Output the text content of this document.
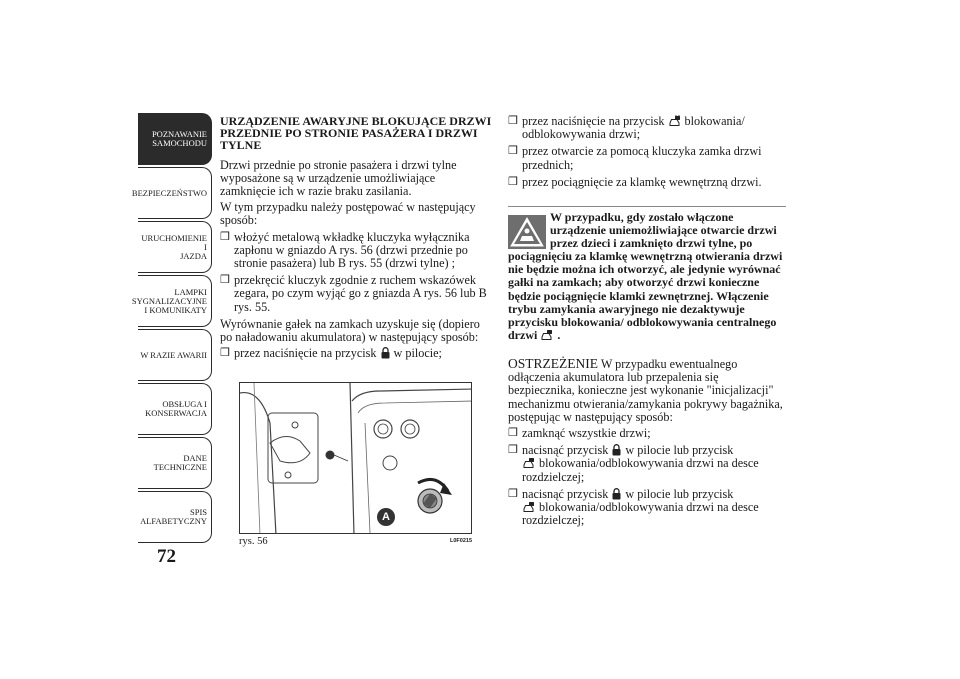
POZNAWANIE
SAMOCHODU
BEZPIECZEŃSTWO
URUCHOMIENIE I
JAZDA
LAMPKI
SYGNALIZACYJNE
I KOMUNIKATY
W RAZIE AWARII
OBSŁUGA I
KONSERWACJA
DANE
TECHNICZNE
SPIS
ALFABETYCZNY
72
URZĄDZENIE AWARYJNE BLOKUJĄCE DRZWI PRZEDNIE PO STRONIE PASAŻERA I DRZWI TYLNE

Drzwi przednie po stronie pasażera i drzwi tylne wyposażone są w urządzenie umożliwiające zamknięcie ich w razie braku zasilania.

W tym przypadku należy postępować w następujący sposób:

❒ włożyć metalową wkładkę kluczyka wyłącznika zapłonu w gniazdo A rys. 56 (drzwi przednie po stronie pasażera) lub B rys. 55 (drzwi tylne) ;
❒ przekręcić kluczyk zgodnie z ruchem wskazówek zegara, po czym wyjąć go z gniazda A rys. 56 lub B rys. 55.

Wyrównanie gałek na zamkach uzyskuje się (dopiero po naładowaniu akumulatora) w następujący sposób:

❒ przez naciśnięcie na przycisk w pilocie;
A
rys. 56	L0F0215
❒ przez naciśnięcie na przycisk blokowania/ odblokowywania drzwi;
❒ przez otwarcie za pomocą kluczyka zamka drzwi przednich;
❒ przez pociągnięcie za klamkę wewnętrzną drzwi.
W przypadku, gdy zostało włączone urządzenie uniemożliwiające otwarcie drzwi przez dzieci i zamknięto drzwi tylne, po
pociągnięciu za klamkę wewnętrzną otwierania drzwi nie będzie można ich otworzyć, ale jedynie wyrównać gałki na zamkach; aby otworzyć drzwi konieczne będzie pociągnięcie klamki zewnętrznej. Włączenie trybu zamykania awaryjnego nie dezaktywuje przycisku blokowania/ odblokowywania centralnego drzwi .

OSTRZEŻENIE W przypadku ewentualnego odłączenia akumulatora lub przepalenia się bezpiecznika, konieczne jest wykonanie "inicjalizacji" mechanizmu otwierania/zamykania pokrywy bagażnika, postępując w następujący sposób:

❒ zamknąć wszystkie drzwi;
❒ nacisnąć przycisk w pilocie lub przycisk
blokowania/odblokowywania drzwi na desce rozdzielczej;
❒ nacisnąć przycisk w pilocie lub przycisk
blokowania/odblokowywania drzwi na desce rozdzielczej;
